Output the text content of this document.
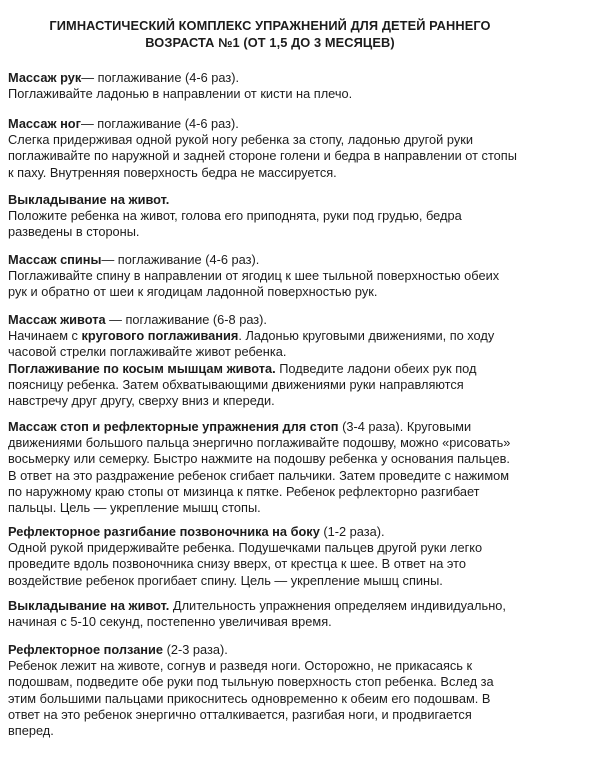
ГИМНАСТИЧЕСКИЙ КОМПЛЕКС УПРАЖНЕНИЙ ДЛЯ ДЕТЕЙ РАННЕГО
ВОЗРАСТА №1 (ОТ 1,5 ДО 3 МЕСЯЦЕВ)

Массаж рук— поглаживание (4-6 раз).

Поглаживайте ладонью в направлении от кисти на плечо.

Массаж ног— поглаживание (4-6 раз).

Слегка придерживая одной рукой ногу ребенка за стопу, ладонью другой руки

поглаживайте по наружной и задней стороне голени и бедра в направлении от стопы

к паху. Внутренняя поверхность бедра не массируется.

Выкладывание на живот.

Положите ребенка на живот, голова его приподнята, руки под грудью, бедра

разведены в стороны.

Массаж спины— поглаживание (4-6 раз).

Поглаживайте спину в направлении от ягодиц к шее тыльной поверхностью обеих

рук и обратно от шеи к ягодицам ладонной поверхностью рук.

Массаж живота — поглаживание (6-8 раз).

Начинаем с кругового поглаживания. Ладонью круговыми движениями, по ходу

часовой стрелки поглаживайте живот ребенка.

Поглаживание по косым мышцам живота. Подведите ладони обеих рук под

поясницу ребенка. Затем обхватывающими движениями руки направляются

навстречу друг другу, сверху вниз и кпереди.

Массаж стоп и рефлекторные упражнения для стоп (3-4 раза). Круговыми

движениями большого пальца энергично поглаживайте подошву, можно «рисовать»

восьмерку или семерку. Быстро нажмите на подошву ребенка у основания пальцев.

В ответ на это раздражение ребенок сгибает пальчики. Затем проведите с нажимом

по наружному краю стопы от мизинца к пятке. Ребенок рефлекторно разгибает

пальцы. Цель — укрепление мышц стопы.

Рефлекторное разгибание позвоночника на боку (1-2 раза).

Одной рукой придерживайте ребенка. Подушечками пальцев другой руки легко

проведите вдоль позвоночника снизу вверх, от крестца к шее. В ответ на это

воздействие ребенок прогибает спину. Цель — укрепление мышц спины.

Выкладывание на живот. Длительность упражнения определяем индивидуально,

начиная с 5-10 секунд, постепенно увеличивая время.

Рефлекторное ползание (2-3 раза).

Ребенок лежит на животе, согнув и разведя ноги. Осторожно, не прикасаясь к

подошвам, подведите обе руки под тыльную поверхность стоп ребенка. Вслед за

этим большими пальцами прикоснитесь одновременно к обеим его подошвам. В

ответ на это ребенок энергично отталкивается, разгибая ноги, и продвигается

вперед.
